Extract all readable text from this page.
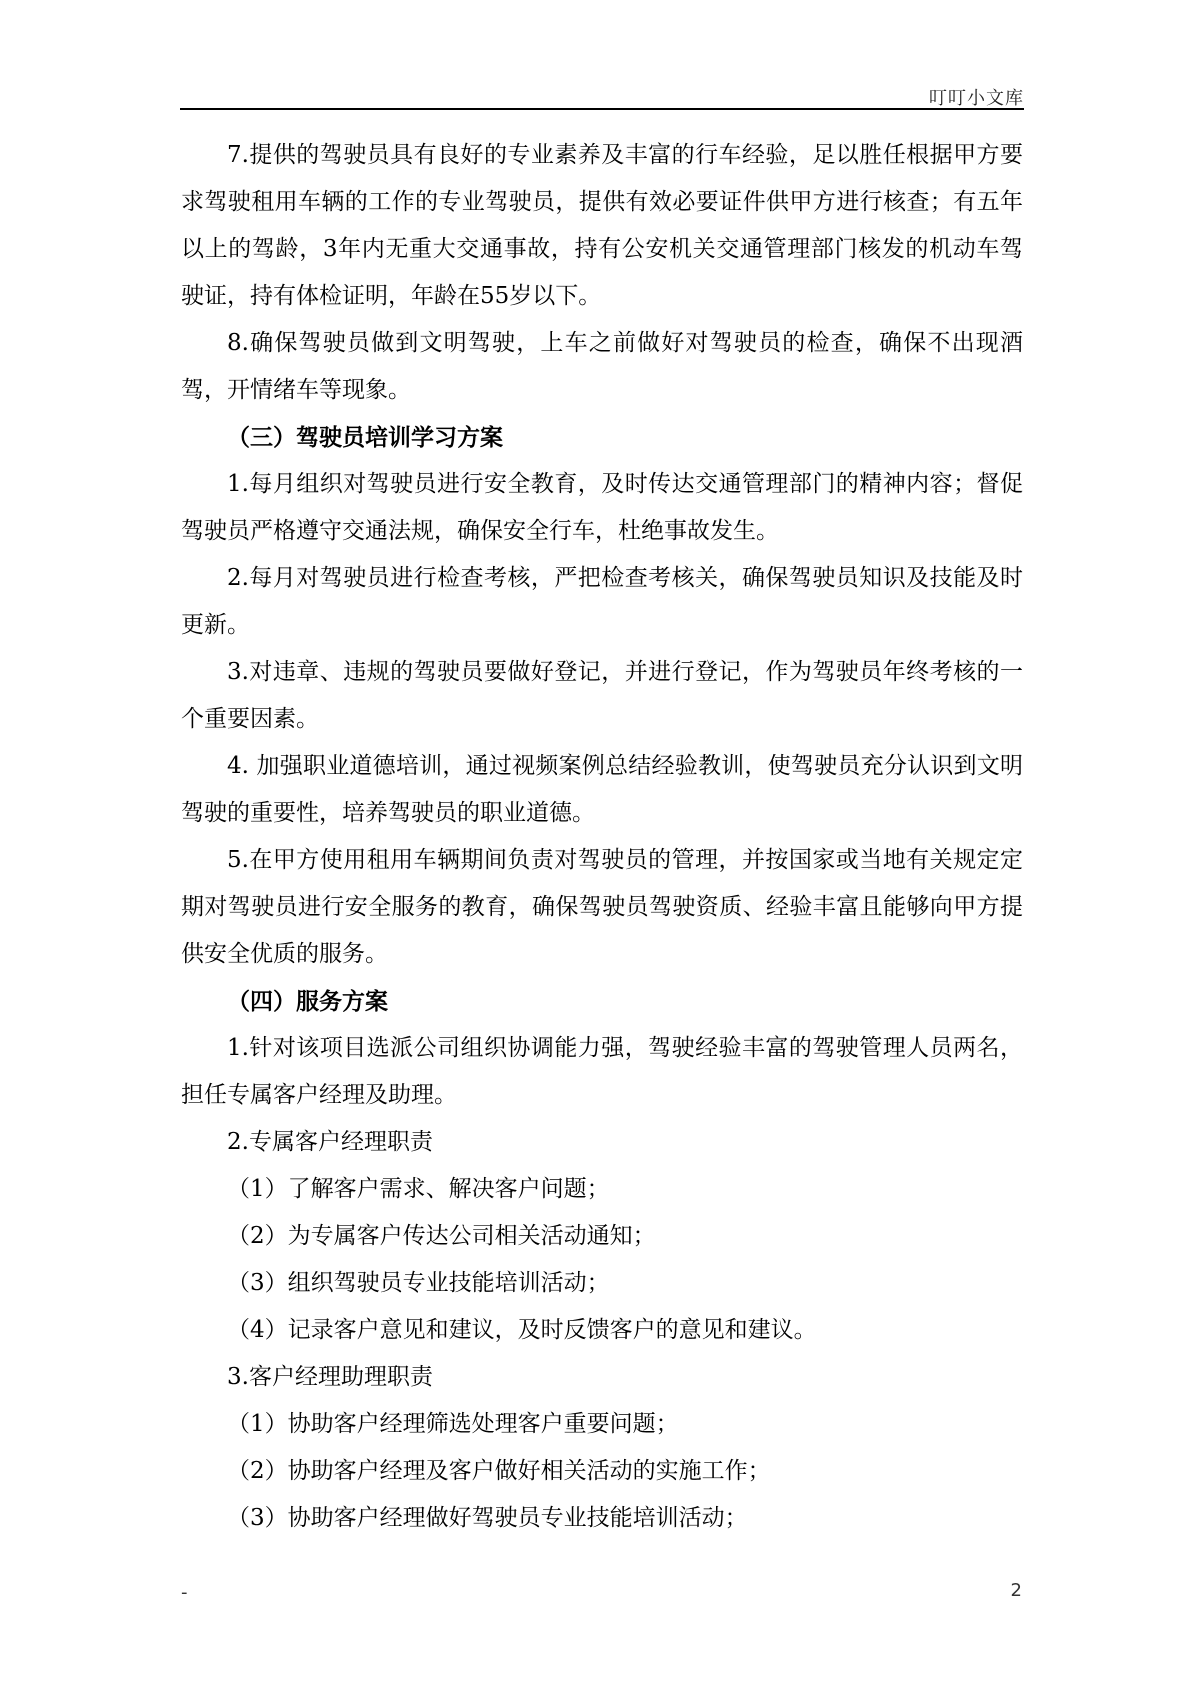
叮叮小文库

7.提供的驾驶员具有良好的专业素养及丰富的行车经验，足以胜任根据甲方要求驾驶租用车辆的工作的专业驾驶员，提供有效必要证件供甲方进行核查；有五年以上的驾龄，3年内无重大交通事故，持有公安机关交通管理部门核发的机动车驾驶证，持有体检证明，年龄在55岁以下。

8.确保驾驶员做到文明驾驶，上车之前做好对驾驶员的检查，确保不出现酒驾，开情绪车等现象。

（三）驾驶员培训学习方案

1.每月组织对驾驶员进行安全教育，及时传达交通管理部门的精神内容；督促驾驶员严格遵守交通法规，确保安全行车，杜绝事故发生。

2.每月对驾驶员进行检查考核，严把检查考核关，确保驾驶员知识及技能及时更新。

3.对违章、违规的驾驶员要做好登记，并进行登记，作为驾驶员年终考核的一个重要因素。

4. 加强职业道德培训，通过视频案例总结经验教训，使驾驶员充分认识到文明驾驶的重要性，培养驾驶员的职业道德。

5.在甲方使用租用车辆期间负责对驾驶员的管理，并按国家或当地有关规定定期对驾驶员进行安全服务的教育，确保驾驶员驾驶资质、经验丰富且能够向甲方提供安全优质的服务。

（四）服务方案

1.针对该项目选派公司组织协调能力强，驾驶经验丰富的驾驶管理人员两名，担任专属客户经理及助理。

2.专属客户经理职责

（1）了解客户需求、解决客户问题；

（2）为专属客户传达公司相关活动通知；

（3）组织驾驶员专业技能培训活动；

（4）记录客户意见和建议，及时反馈客户的意见和建议。

3.客户经理助理职责

（1）协助客户经理筛选处理客户重要问题；

（2）协助客户经理及客户做好相关活动的实施工作；

（3）协助客户经理做好驾驶员专业技能培训活动；

-	2
